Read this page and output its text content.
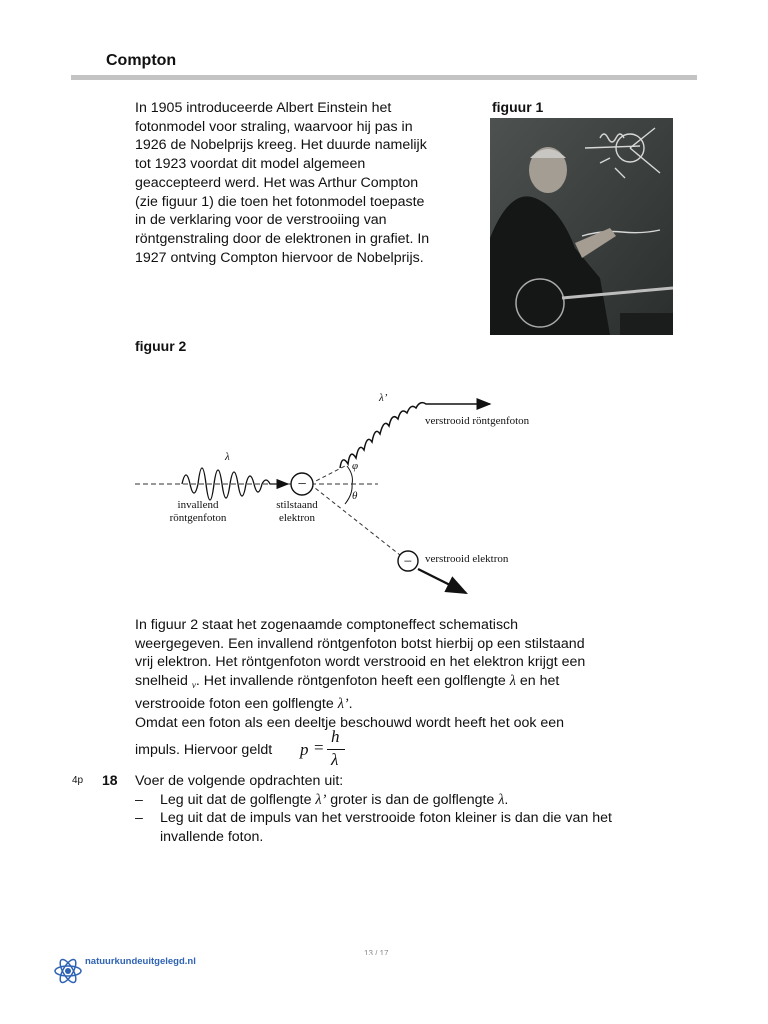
Compton
In 1905 introduceerde Albert Einstein het
fotonmodel voor straling, waarvoor hij pas in
1926 de Nobelprijs kreeg. Het duurde namelijk
tot 1923 voordat dit model algemeen
geaccepteerd werd. Het was Arthur Compton
(zie figuur 1) die toen het fotonmodel toepaste
in de verklaring voor de verstrooiing van
röntgenstraling door de elektronen in grafiet. In
1927 ontving Compton hiervoor de Nobelprijs.
figuur 1
figuur 2
−
−
λ
λ’
φ
θ
invallend
röntgenfoton
stilstaand
elektron
verstrooid röntgenfoton
verstrooid elektron
In figuur 2 staat het zogenaamde comptoneffect schematisch
weergegeven. Een invallend röntgenfoton botst hierbij op een stilstaand
vrij elektron. Het röntgenfoton wordt verstrooid en het elektron krijgt een
snelheid $_v$. Het invallende röntgenfoton heeft een golflengte λ en het
verstrooide foton een golflengte λ’.
Omdat een foton als een deeltje beschouwd wordt heeft het ook een
impuls. Hiervoor geldt p =
h
λ
4p 18 Voer de volgende opdrachten uit:
– Leg uit dat de golflengte λ’ groter is dan de golflengte λ.
– Leg uit dat de impuls van het verstrooide foton kleiner is dan die van het invallende foton.
13 / 17
natuurkundeuitgelegd.nl
